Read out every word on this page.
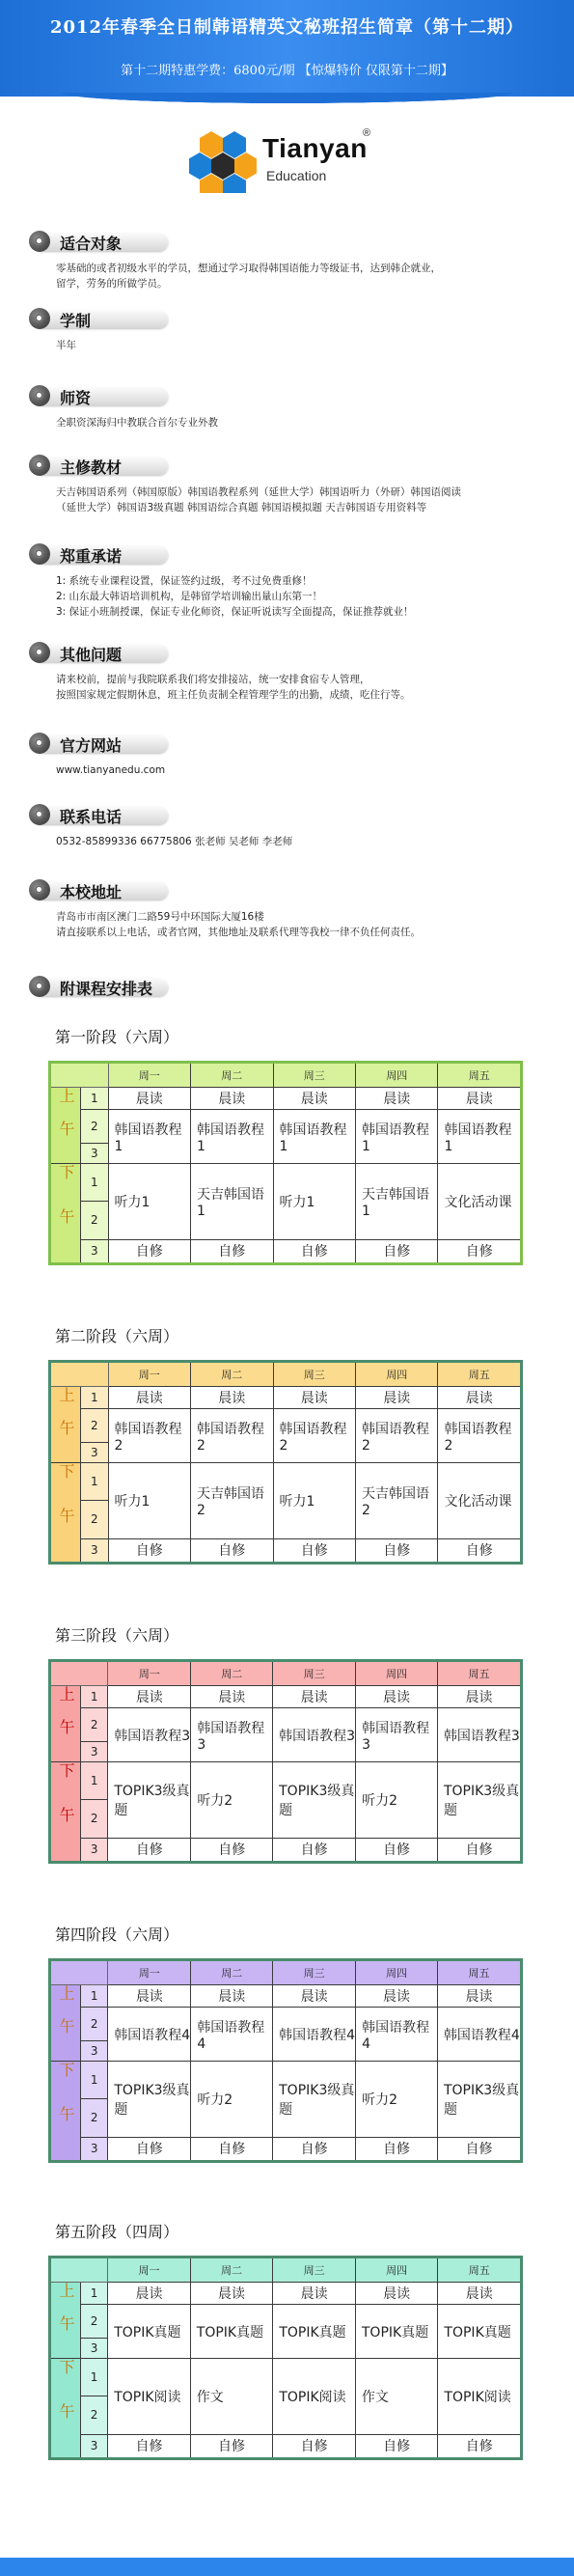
2012年春季全日制韩语精英文秘班招生简章（第十二期）
第十二期特惠学费：6800元/期 【惊爆特价 仅限第十二期】
Tianyan
®
Education
适合对象

零基础的或者初级水平的学员，想通过学习取得韩国语能力等级证书，达到韩企就业，

留学，劳务的所做学员。

学制

半年

师资

全职资深海归中教联合首尔专业外教

主修教材

天吉韩国语系列（韩国原版）韩国语教程系列（延世大学）韩国语听力（外研）韩国语阅读

（延世大学）韩国语3级真题 韩国语综合真题 韩国语模拟题 天吉韩国语专用资料等

郑重承诺

1: 系统专业课程设置，保证签约过级，考不过免费重修！

2: 山东最大韩语培训机构，是韩留学培训输出量山东第一！

3: 保证小班制授课，保证专业化师资，保证听说读写全面提高，保证推荐就业！

其他问题

请来校前，提前与我院联系我们将安排接站，统一安排食宿专人管理，

按照国家规定假期休息，班主任负责制全程管理学生的出勤，成绩，吃住行等。

官方网站

www.tianyanedu.com

联系电话

0532-85899336 66775806 张老师 吴老师 李老师

本校地址

青岛市市南区澳门二路59号中环国际大厦16楼

请直接联系以上电话，或者官网，其他地址及联系代理等我校一律不负任何责任。

附课程安排表
第一阶段（六周）
		周一	周二	周三	周四	周五
上午	1	晨读	晨读	晨读	晨读	晨读
	2	韩国语教程1	韩国语教程1	韩国语教程1	韩国语教程1	韩国语教程1
	3					
下午	1	听力1	天吉韩国语1	听力1	天吉韩国语1	文化活动课
	2					
	3	自修	自修	自修	自修	自修
第二阶段（六周）
		周一	周二	周三	周四	周五
上午	1	晨读	晨读	晨读	晨读	晨读
	2	韩国语教程2	韩国语教程2	韩国语教程2	韩国语教程2	韩国语教程2
	3					
下午	1	听力1	天吉韩国语2	听力1	天吉韩国语2	文化活动课
	2					
	3	自修	自修	自修	自修	自修
第三阶段（六周）
		周一	周二	周三	周四	周五
上午	1	晨读	晨读	晨读	晨读	晨读
	2	韩国语教程3	韩国语教程3	韩国语教程3	韩国语教程3	韩国语教程3
	3					
下午	1	TOPIK3级真题	听力2	TOPIK3级真题	听力2	TOPIK3级真题
	2					
	3	自修	自修	自修	自修	自修
第四阶段（六周）
		周一	周二	周三	周四	周五
上午	1	晨读	晨读	晨读	晨读	晨读
	2	韩国语教程4	韩国语教程4	韩国语教程4	韩国语教程4	韩国语教程4
	3					
下午	1	TOPIK3级真题	听力2	TOPIK3级真题	听力2	TOPIK3级真题
	2					
	3	自修	自修	自修	自修	自修
第五阶段（四周）
		周一	周二	周三	周四	周五
上午	1	晨读	晨读	晨读	晨读	晨读
	2	TOPIK真题	TOPIK真题	TOPIK真题	TOPIK真题	TOPIK真题
	3					
下午	1	TOPIK阅读	作文	TOPIK阅读	作文	TOPIK阅读
	2					
	3	自修	自修	自修	自修	自修
